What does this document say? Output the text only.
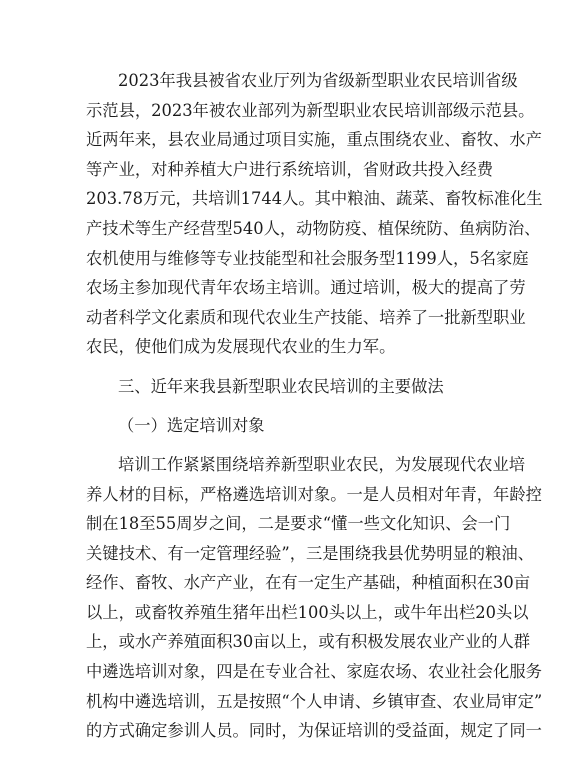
2023年我县被省农业厅列为省级新型职业农民培训省级

示范县，2023年被农业部列为新型职业农民培训部级示范县。

近两年来，县农业局通过项目实施，重点围绕农业、畜牧、水产

等产业，对种养植大户进行系统培训，省财政共投入经费

203.78万元，共培训1744人。其中粮油、蔬菜、畜牧标准化生

产技术等生产经营型540人，动物防疫、植保统防、鱼病防治、

农机使用与维修等专业技能型和社会服务型1199人，5名家庭

农场主参加现代青年农场主培训。通过培训，极大的提高了劳

动者科学文化素质和现代农业生产技能、培养了一批新型职业

农民，使他们成为发展现代农业的生力军。

三、近年来我县新型职业农民培训的主要做法

（一）选定培训对象

培训工作紧紧围绕培养新型职业农民，为发展现代农业培

养人材的目标，严格遴选培训对象。一是人员相对年青，年龄控

制在18至55周岁之间，二是要求“懂一些文化知识、会一门

关键技术、有一定管理经验”，三是围绕我县优势明显的粮油、

经作、畜牧、水产产业，在有一定生产基础，种植面积在30亩

以上，或畜牧养殖生猪年出栏100头以上，或牛年出栏20头以

上，或水产养殖面积30亩以上，或有积极发展农业产业的人群

中遴选培训对象，四是在专业合社、家庭农场、农业社会化服务

机构中遴选培训，五是按照“个人申请、乡镇审查、农业局审定”

的方式确定参训人员。同时，为保证培训的受益面，规定了同一
